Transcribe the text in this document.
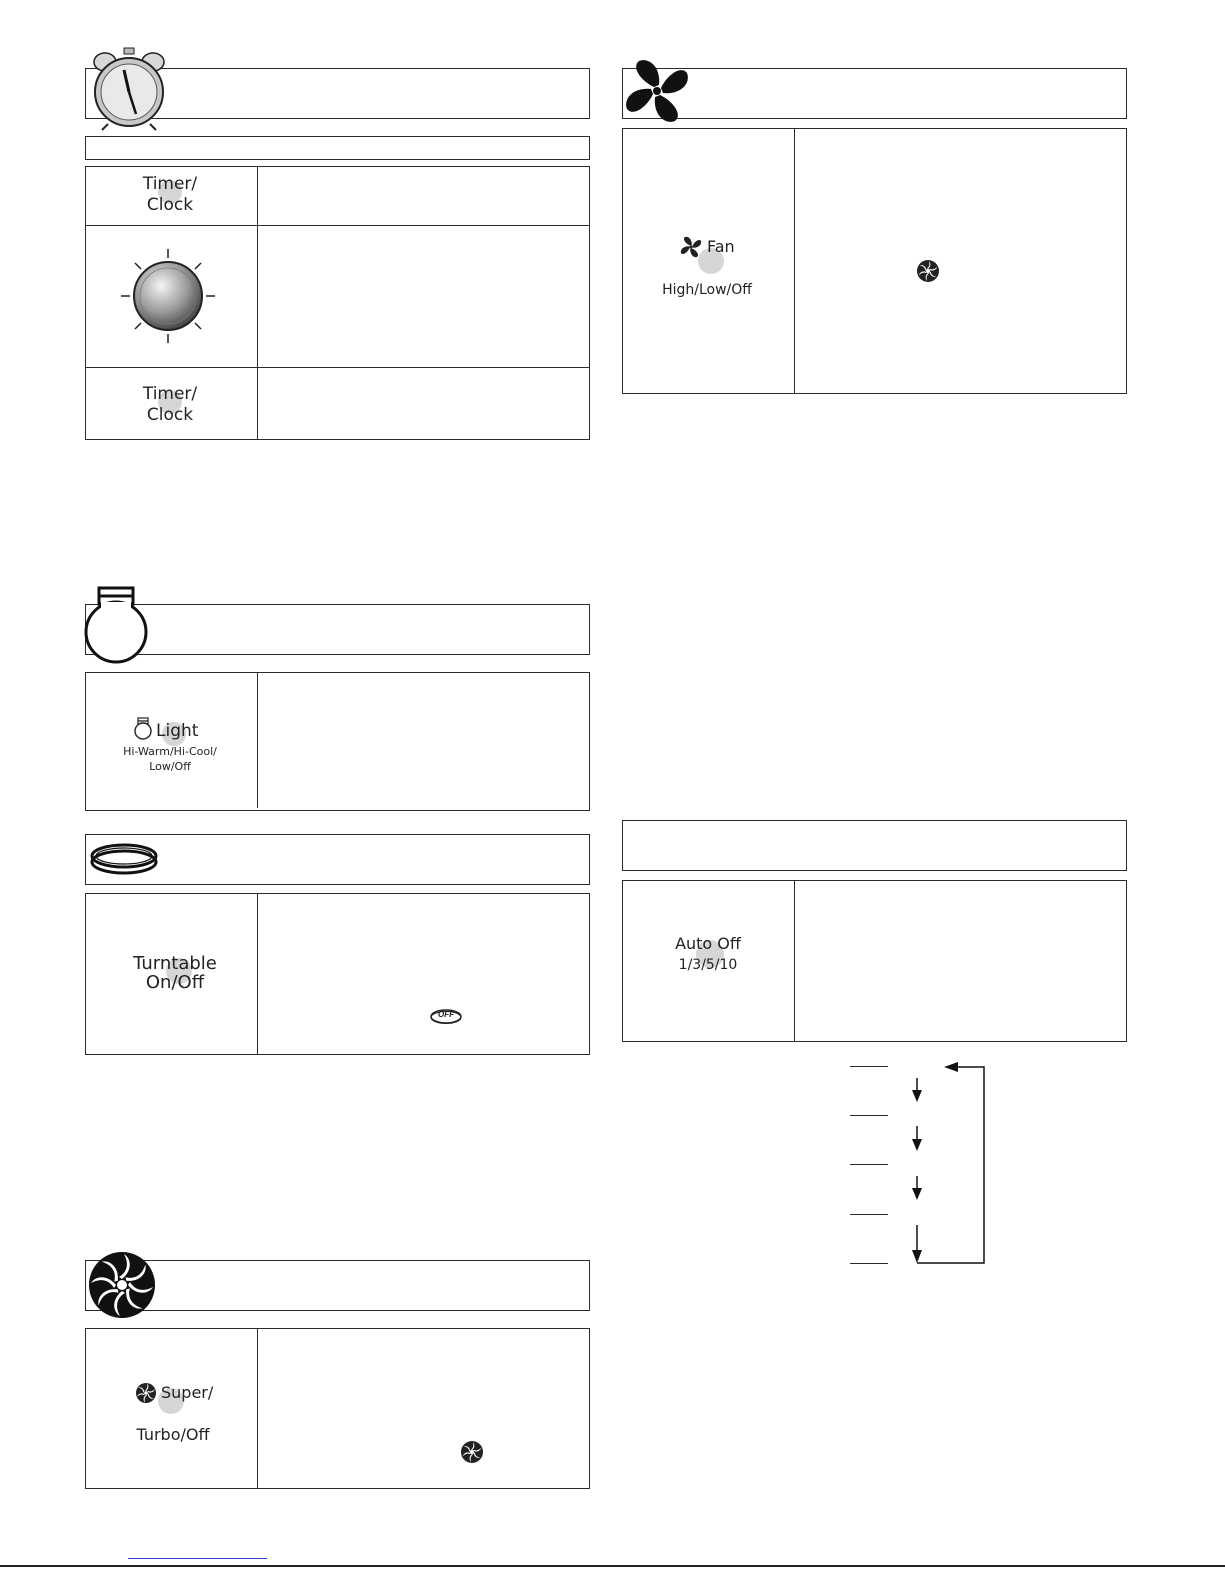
Timer/
Clock
Timer/
Clock
Light
Hi-Warm/Hi-Cool/
Low/Off
Turntable
On/Off
OFF
Super/
Turbo/Off
Fan
High/Low/Off
Auto Off
1/3/5/10
